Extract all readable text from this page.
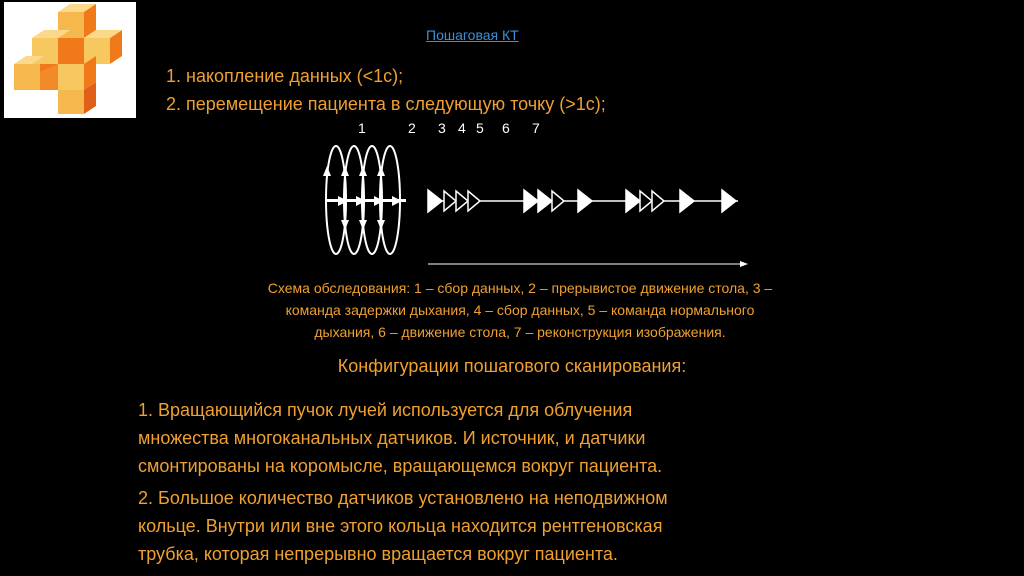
Пошаговая КТ
1. накопление данных (<1с);
2. перемещение пациента в следующую точку (>1с);
1	2 3 4 5 6 7
Схема обследования: 1 – сбор данных, 2 – прерывистое движение стола, 3 –
команда задержки дыхания, 4 – сбор данных, 5 – команда нормального
дыхания, 6 – движение стола, 7 – реконструкция изображения.
Конфигурации пошагового сканирования:
1. Вращающийся пучок лучей используется для облучения
множества многоканальных датчиков. И источник, и датчики
смонтированы на коромысле, вращающемся вокруг пациента.
2. Большое количество датчиков установлено на неподвижном
кольце. Внутри или вне этого кольца находится рентгеновская
трубка, которая непрерывно вращается вокруг пациента.
